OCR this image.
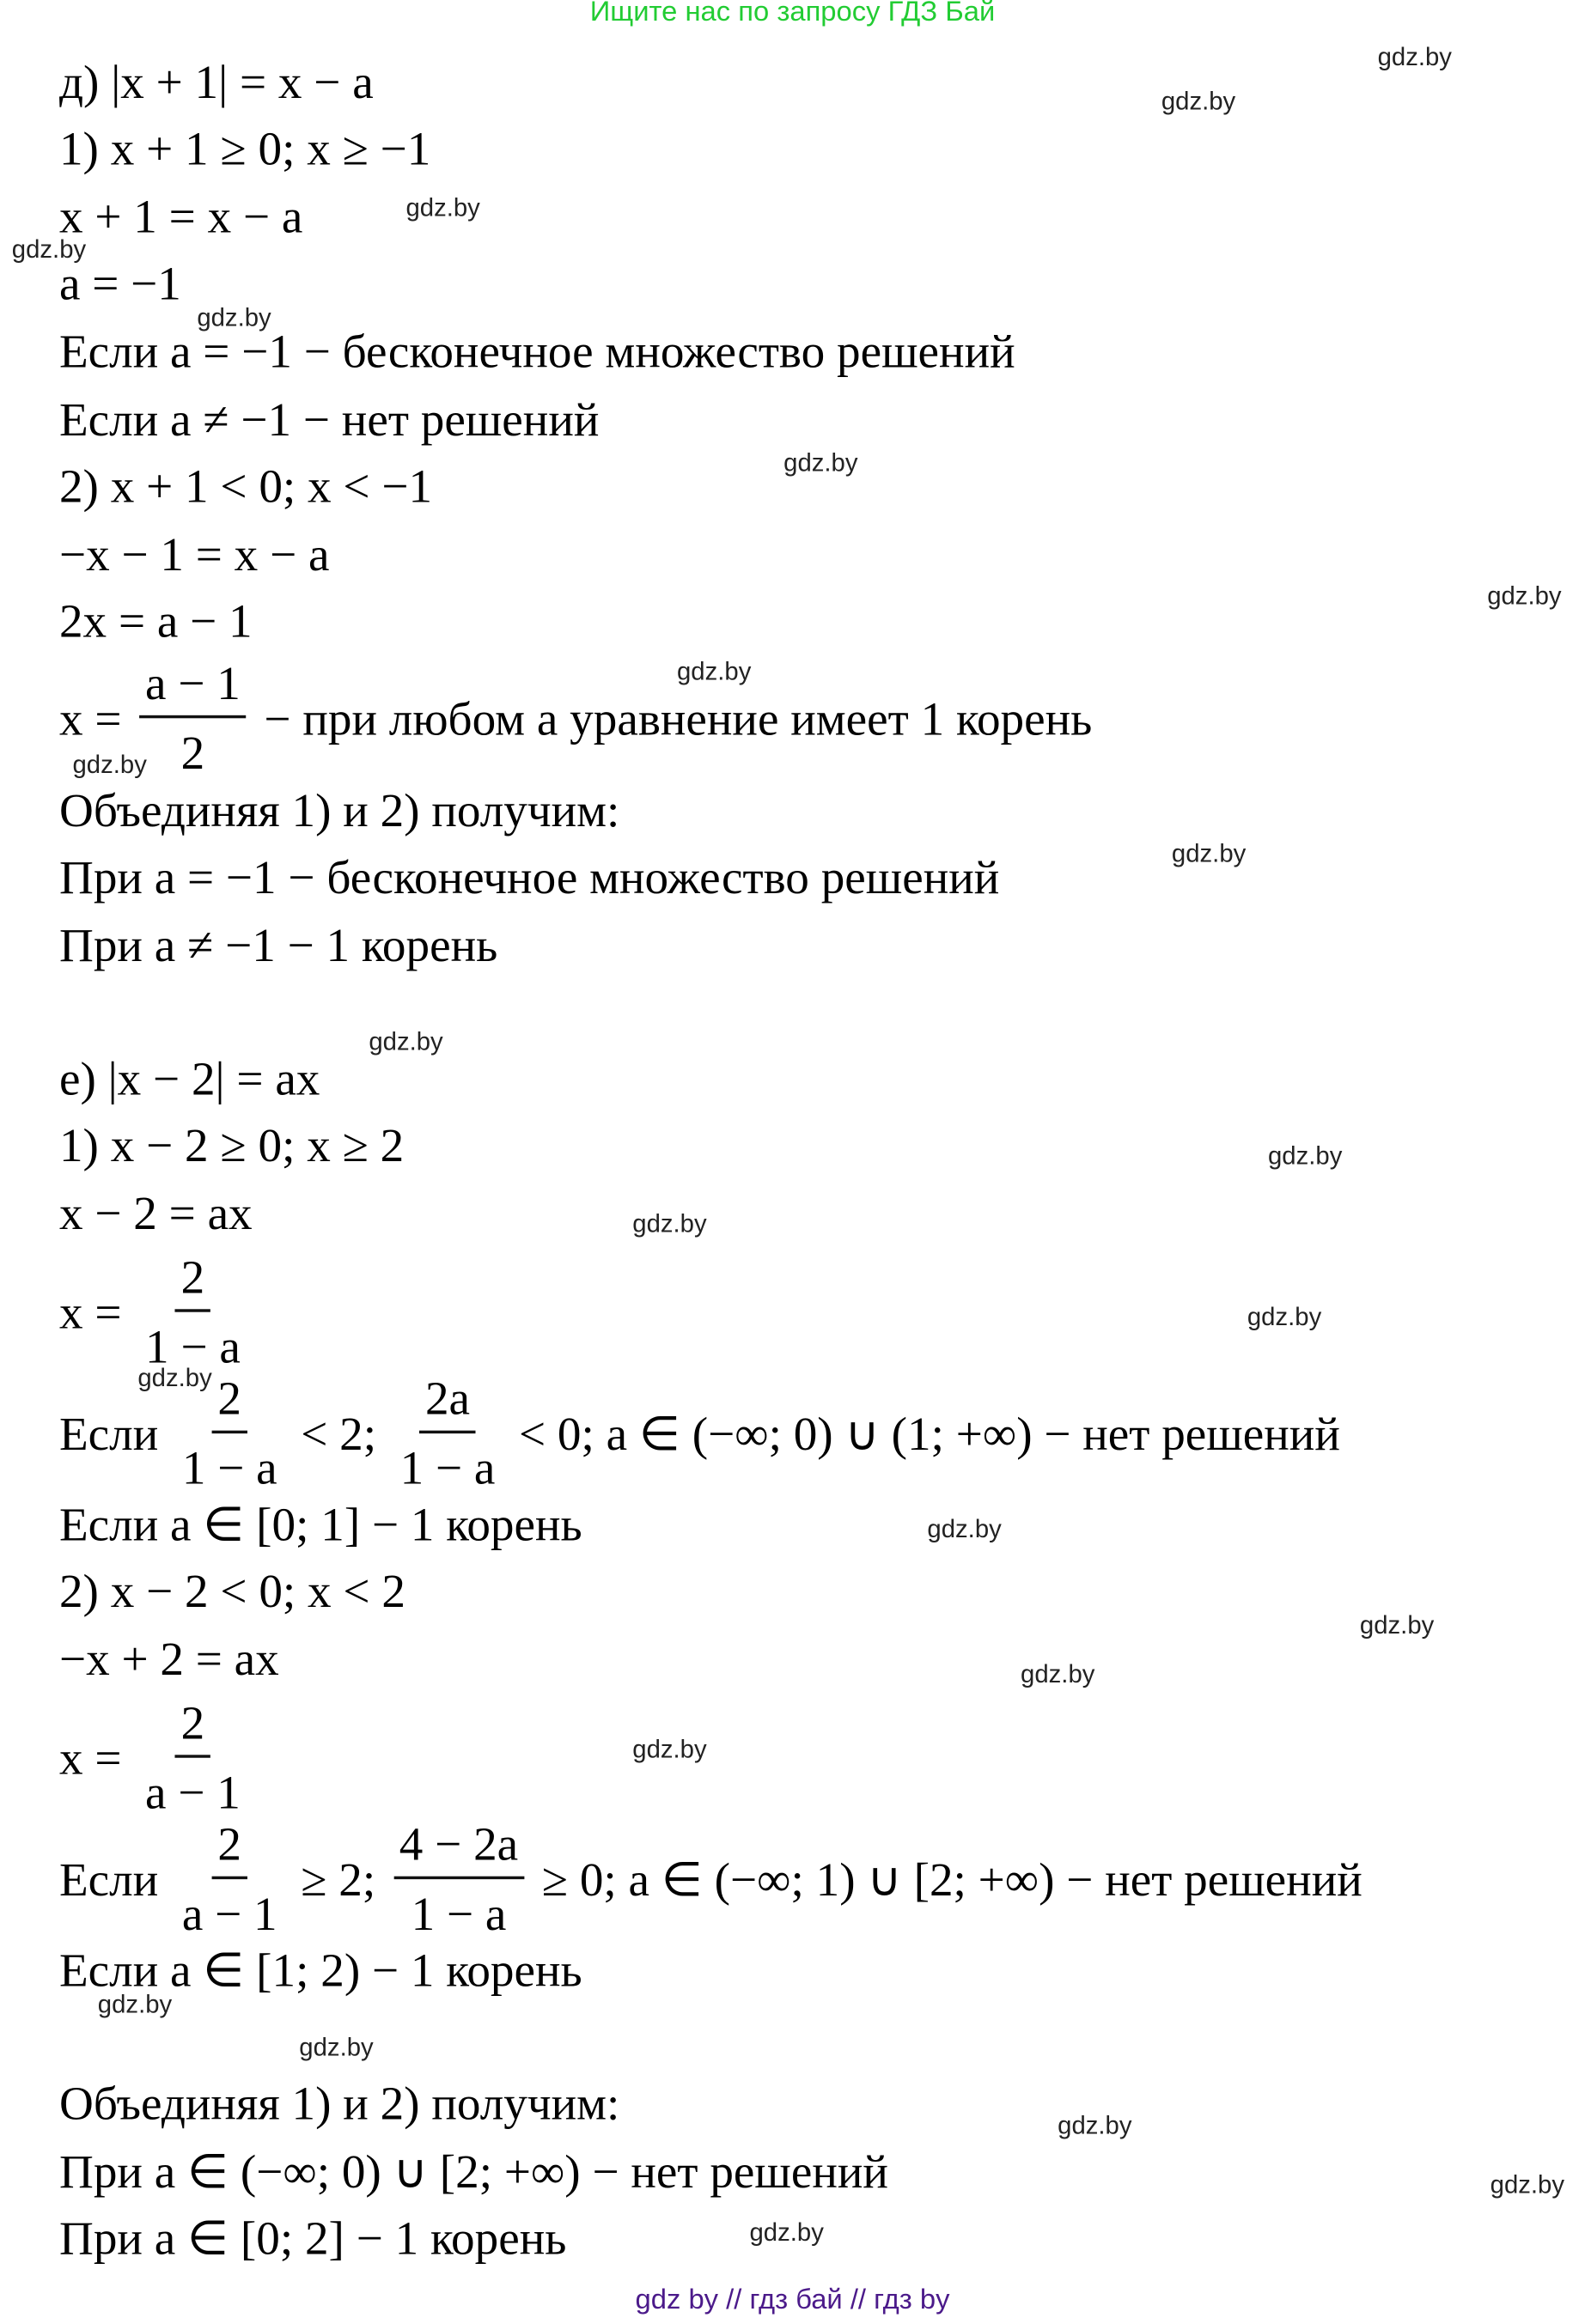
Ищите нас по запросу ГДЗ Бай
д) |x + 1| = x − a
1) x + 1 ≥ 0; x ≥ −1
x + 1 = x − a
a = −1
Если a = −1 − бесконечное множество решений
Если a ≠ −1 − нет решений
2) x + 1 < 0; x < −1
−x − 1 = x − a
2x = a − 1
$x = \frac{a - 1}{2}$ − при любом a уравнение имеет 1 корень
Объединяя 1) и 2) получим:
При a = −1 − бесконечное множество решений
При a ≠ −1 − 1 корень
е) |x − 2| = ax
1) x − 2 ≥ 0; x ≥ 2
x − 2 = ax
$x = \frac{2}{1 - a}$
Если $\frac{2}{1 - a} < 2$; $\frac{2a}{1 - a} < 0$; a ∈ (−∞; 0) ∪ (1; +∞) − нет решений
Если a ∈ [0; 1] − 1 корень
2) x − 2 < 0; x < 2
−x + 2 = ax
$x = \frac{2}{a - 1}$
Если $\frac{2}{a - 1} \ge 2$; $\frac{4 - 2a}{1 - a} \ge 0$; a ∈ (−∞; 1) ∪ [2; +∞) − нет решений
Если a ∈ [1; 2) − 1 корень
Объединяя 1) и 2) получим:
При a ∈ (−∞; 0) ∪ [2; +∞) − нет решений
При a ∈ [0; 2] − 1 корень
gdz.by
gdz.by
gdz.by
gdz.by
gdz.by
gdz.by
gdz.by
gdz.by
gdz.by
gdz.by
gdz.by
gdz.by
gdz.by
gdz.by
gdz.by
gdz.by
gdz.by
gdz.by
gdz.by
gdz.by
gdz.by
gdz.by
gdz.by
gdz.by
gdz by // гдз бай // гдз by
